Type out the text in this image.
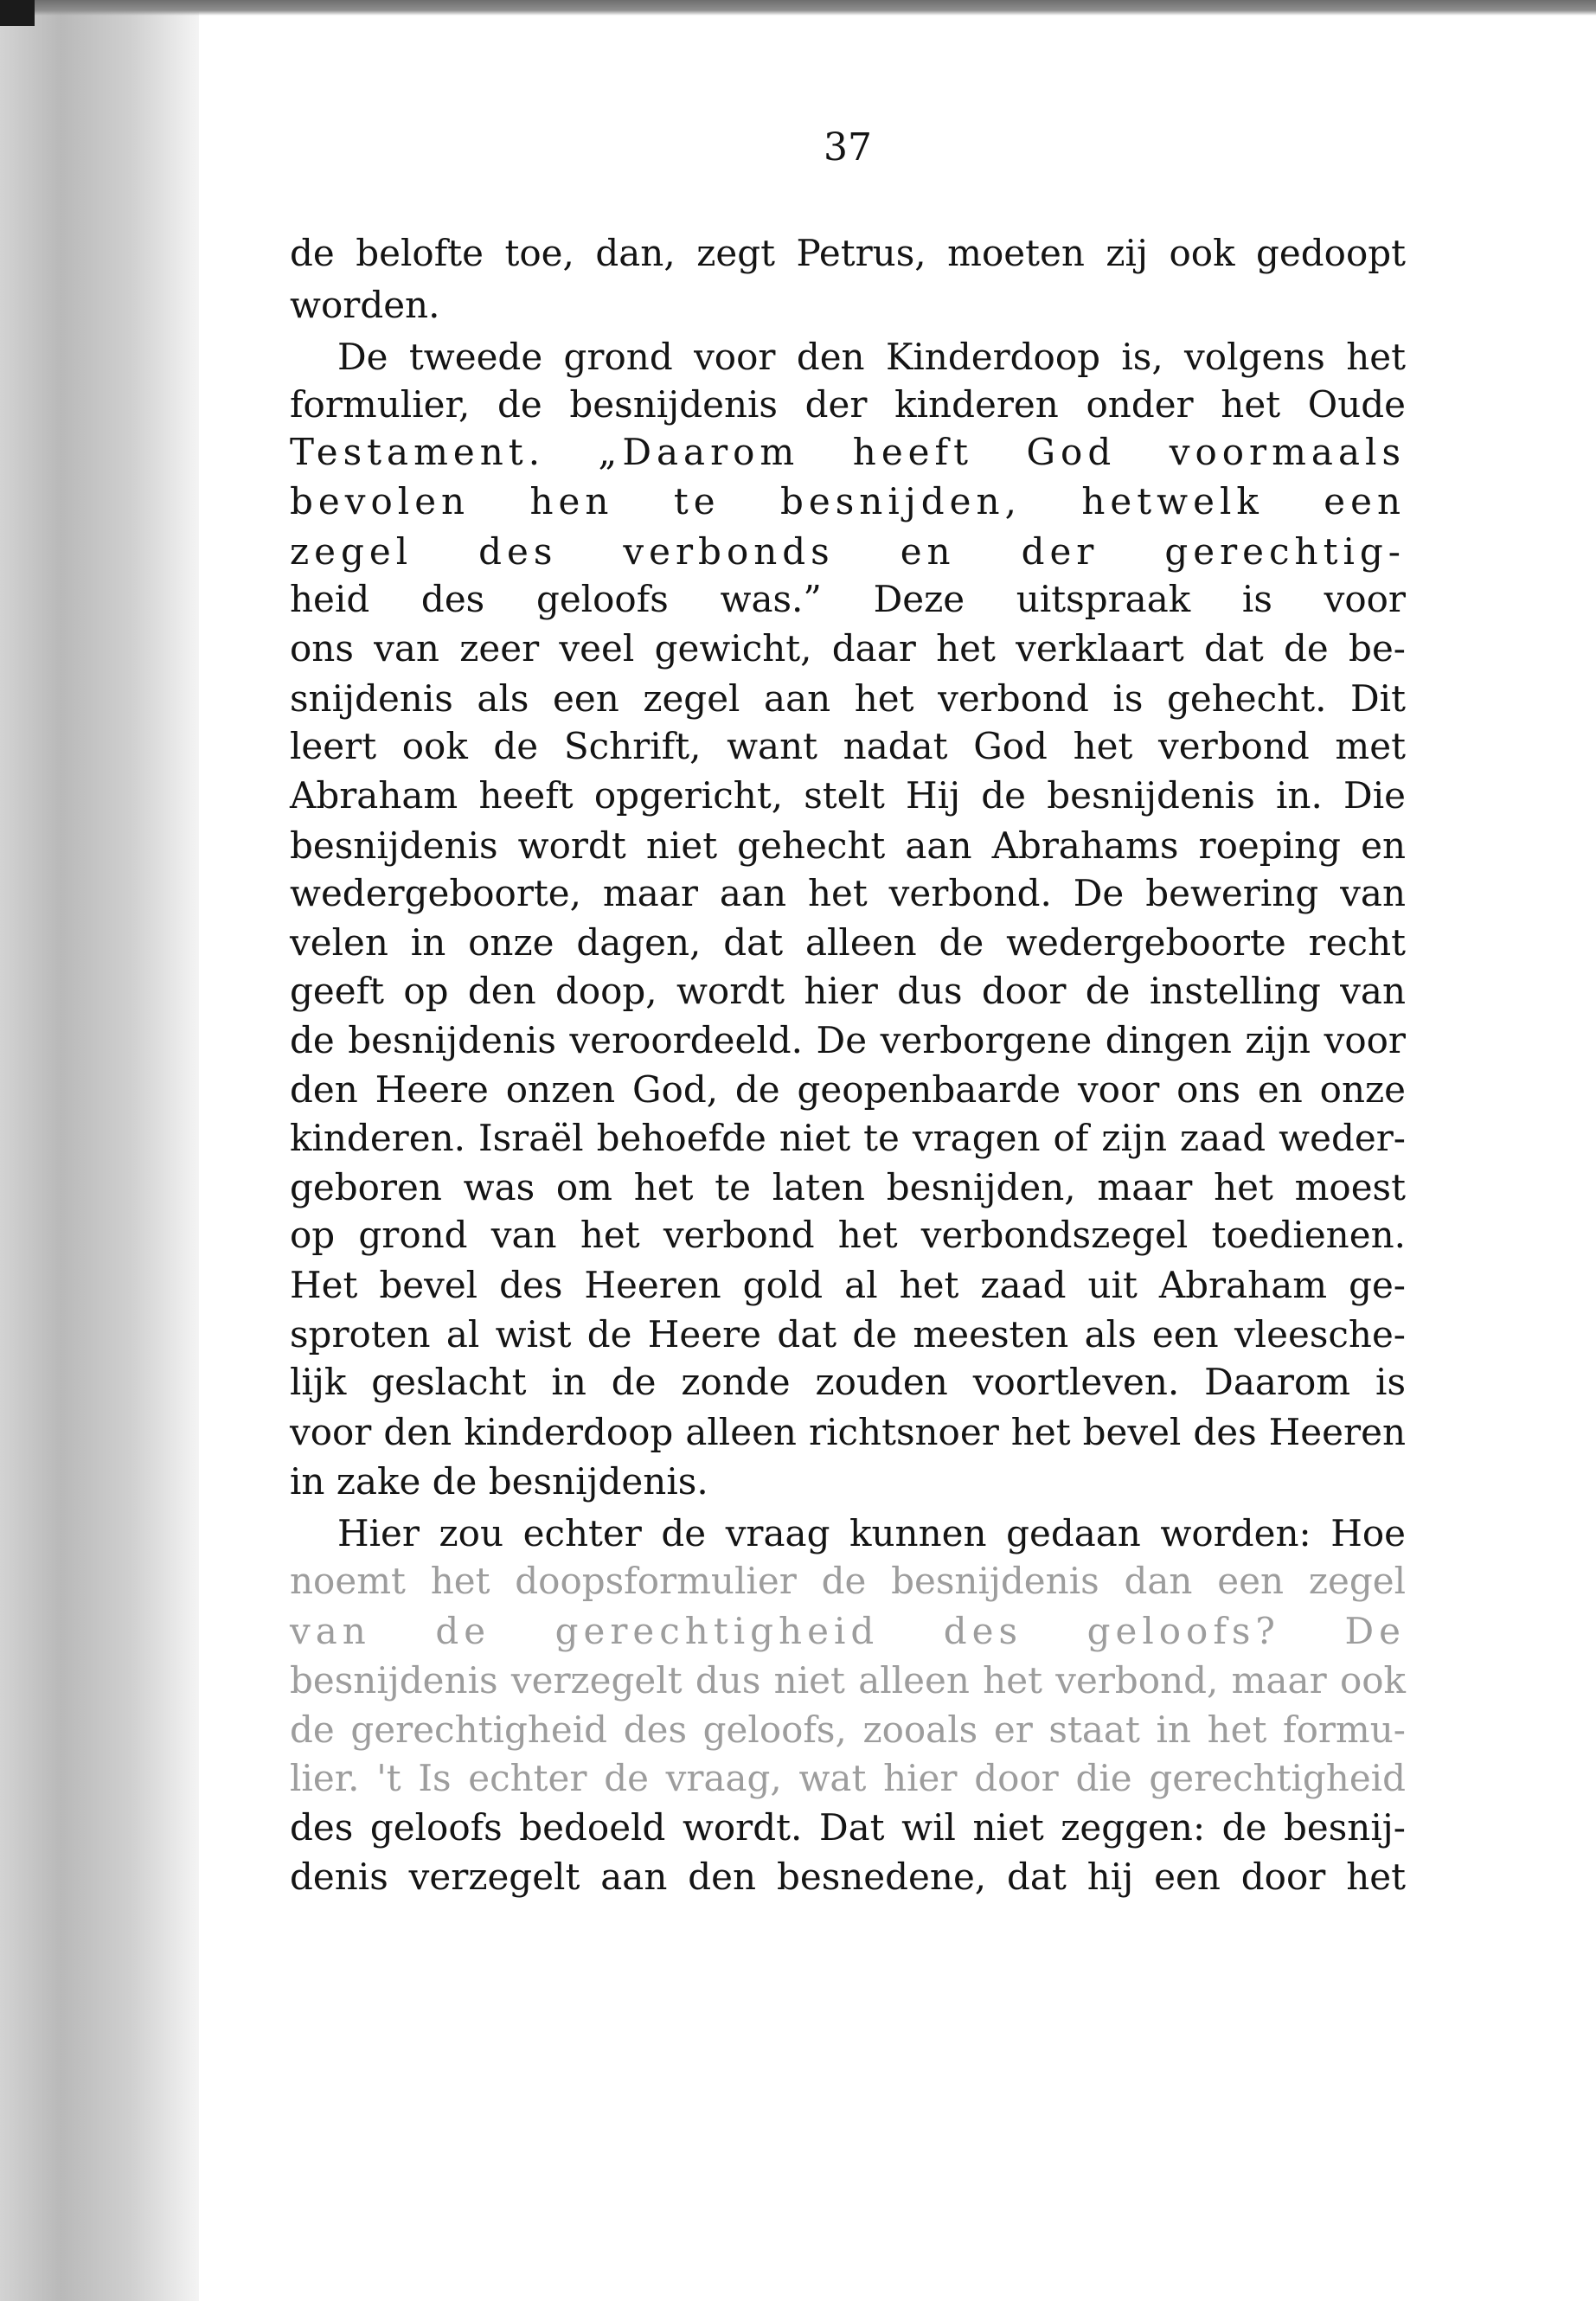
37
de belofte toe, dan, zegt Petrus, moeten zij ook gedoopt
worden.
De tweede grond voor den Kinderdoop is, volgens het
formulier, de besnijdenis der kinderen onder het Oude
Testament. „Daarom heeft God voormaals
bevolen hen te besnijden, hetwelk een
zegel des verbonds en der gerechtig-
heid des geloofs was.” Deze uitspraak is voor
ons van zeer veel gewicht, daar het verklaart dat de be-
snijdenis als een zegel aan het verbond is gehecht. Dit
leert ook de Schrift, want nadat God het verbond met
Abraham heeft opgericht, stelt Hij de besnijdenis in. Die
besnijdenis wordt niet gehecht aan Abrahams roeping en
wedergeboorte, maar aan het verbond. De bewering van
velen in onze dagen, dat alleen de wedergeboorte recht
geeft op den doop, wordt hier dus door de instelling van
de besnijdenis veroordeeld. De verborgene dingen zijn voor
den Heere onzen God, de geopenbaarde voor ons en onze
kinderen. Israël behoefde niet te vragen of zijn zaad weder-
geboren was om het te laten besnijden, maar het moest
op grond van het verbond het verbondszegel toedienen.
Het bevel des Heeren gold al het zaad uit Abraham ge-
sproten al wist de Heere dat de meesten als een vleesche-
lijk geslacht in de zonde zouden voortleven. Daarom is
voor den kinderdoop alleen richtsnoer het bevel des Heeren
in zake de besnijdenis.
Hier zou echter de vraag kunnen gedaan worden: Hoe
noemt het doopsformulier de besnijdenis dan een zegel
van de gerechtigheid des geloofs? De
besnijdenis verzegelt dus niet alleen het verbond, maar ook
de gerechtigheid des geloofs, zooals er staat in het formu-
lier. 't Is echter de vraag, wat hier door die gerechtigheid
des geloofs bedoeld wordt. Dat wil niet zeggen: de besnij-
denis verzegelt aan den besnedene, dat hij een door het
